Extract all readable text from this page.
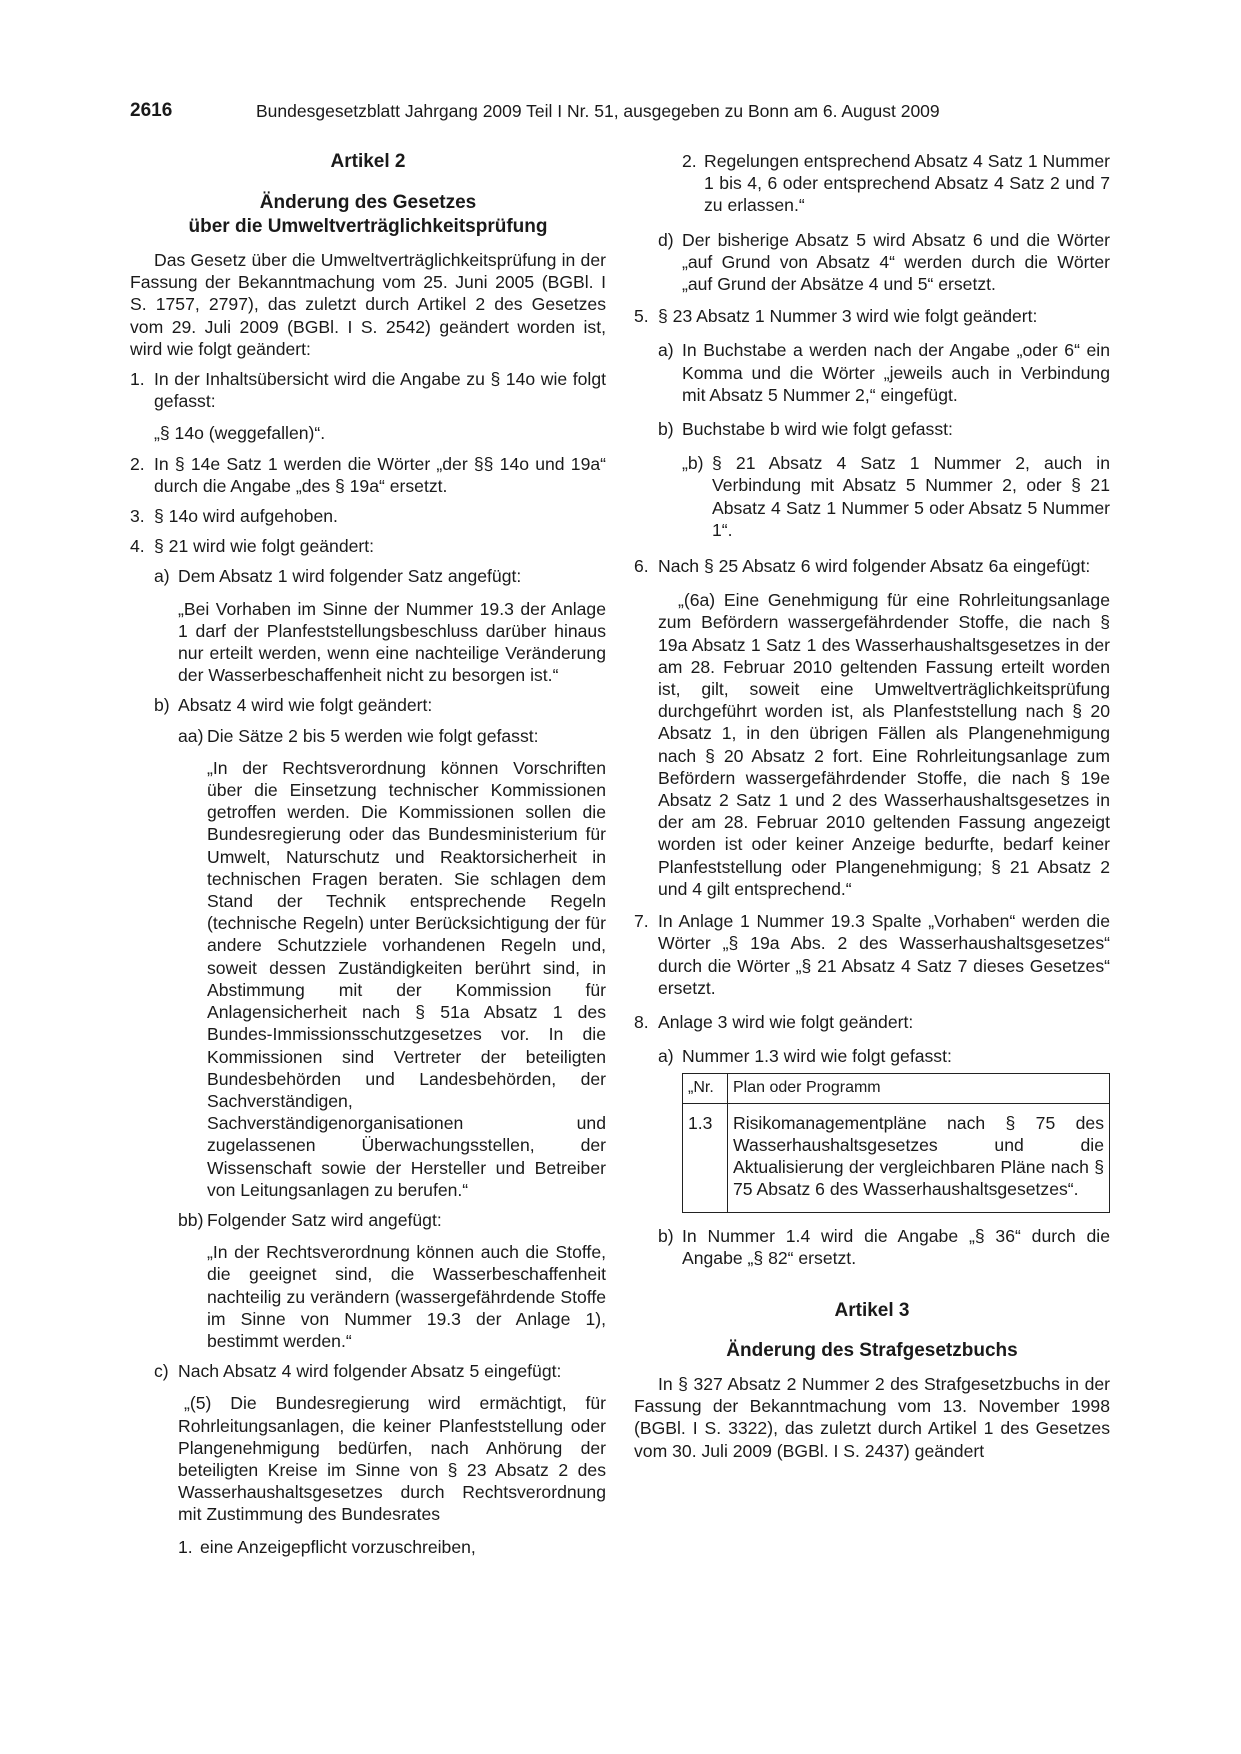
2616	Bundesgesetzblatt Jahrgang 2009 Teil I Nr. 51, ausgegeben zu Bonn am 6. August 2009

Artikel 2

Änderung des Gesetzes

über die Umweltverträglichkeitsprüfung

Das Gesetz über die Umweltverträglichkeitsprüfung in der Fassung der Bekanntmachung vom 25. Juni 2005 (BGBl. I S. 1757, 2797), das zuletzt durch Artikel 2 des Gesetzes vom 29. Juli 2009 (BGBl. I S. 2542) geändert worden ist, wird wie folgt geändert:

1. In der Inhaltsübersicht wird die Angabe zu § 14o wie folgt gefasst:

„§ 14o (weggefallen)“.

2. In § 14e Satz 1 werden die Wörter „der §§ 14o und 19a“ durch die Angabe „des § 19a“ ersetzt.

3. § 14o wird aufgehoben.

4. § 21 wird wie folgt geändert:

a) Dem Absatz 1 wird folgender Satz angefügt:

„Bei Vorhaben im Sinne der Nummer 19.3 der Anlage 1 darf der Planfeststellungsbeschluss darüber hinaus nur erteilt werden, wenn eine nachteilige Veränderung der Wasserbeschaffenheit nicht zu besorgen ist.“

b) Absatz 4 wird wie folgt geändert:

aa) Die Sätze 2 bis 5 werden wie folgt gefasst:

„In der Rechtsverordnung können Vorschriften über die Einsetzung technischer Kommissionen getroffen werden. Die Kommissionen sollen die Bundesregierung oder das Bundesministerium für Umwelt, Naturschutz und Reaktorsicherheit in technischen Fragen beraten. Sie schlagen dem Stand der Technik entsprechende Regeln (technische Regeln) unter Berücksichtigung der für andere Schutzziele vorhandenen Regeln und, soweit dessen Zuständigkeiten berührt sind, in Abstimmung mit der Kommission für Anlagensicherheit nach § 51a Absatz 1 des Bundes-Immissionsschutzgesetzes vor. In die Kommissionen sind Vertreter der beteiligten Bundesbehörden und Landesbehörden, der Sachverständigen, Sachverständigenorganisationen und zugelassenen Überwachungsstellen, der Wissenschaft sowie der Hersteller und Betreiber von Leitungsanlagen zu berufen.“

bb) Folgender Satz wird angefügt:

„In der Rechtsverordnung können auch die Stoffe, die geeignet sind, die Wasserbeschaffenheit nachteilig zu verändern (wassergefährdende Stoffe im Sinne von Nummer 19.3 der Anlage 1), bestimmt werden.“

c) Nach Absatz 4 wird folgender Absatz 5 eingefügt:

„(5) Die Bundesregierung wird ermächtigt, für Rohrleitungsanlagen, die keiner Planfeststellung oder Plangenehmigung bedürfen, nach Anhörung der beteiligten Kreise im Sinne von § 23 Absatz 2 des Wasserhaushaltsgesetzes durch Rechtsverordnung mit Zustimmung des Bundesrates

1. eine Anzeigepflicht vorzuschreiben,

2. Regelungen entsprechend Absatz 4 Satz 1 Nummer 1 bis 4, 6 oder entsprechend Absatz 4 Satz 2 und 7 zu erlassen.“

d) Der bisherige Absatz 5 wird Absatz 6 und die Wörter „auf Grund von Absatz 4“ werden durch die Wörter „auf Grund der Absätze 4 und 5“ ersetzt.

5. § 23 Absatz 1 Nummer 3 wird wie folgt geändert:

a) In Buchstabe a werden nach der Angabe „oder 6“ ein Komma und die Wörter „jeweils auch in Verbindung mit Absatz 5 Nummer 2,“ eingefügt.

b) Buchstabe b wird wie folgt gefasst:

„b) § 21 Absatz 4 Satz 1 Nummer 2, auch in Verbindung mit Absatz 5 Nummer 2, oder § 21 Absatz 4 Satz 1 Nummer 5 oder Absatz 5 Nummer 1“.

6. Nach § 25 Absatz 6 wird folgender Absatz 6a eingefügt:

„(6a) Eine Genehmigung für eine Rohrleitungsanlage zum Befördern wassergefährdender Stoffe, die nach § 19a Absatz 1 Satz 1 des Wasserhaushaltsgesetzes in der am 28. Februar 2010 geltenden Fassung erteilt worden ist, gilt, soweit eine Umweltverträglichkeitsprüfung durchgeführt worden ist, als Planfeststellung nach § 20 Absatz 1, in den übrigen Fällen als Plangenehmigung nach § 20 Absatz 2 fort. Eine Rohrleitungsanlage zum Befördern wassergefährdender Stoffe, die nach § 19e Absatz 2 Satz 1 und 2 des Wasserhaushaltsgesetzes in der am 28. Februar 2010 geltenden Fassung angezeigt worden ist oder keiner Anzeige bedurfte, bedarf keiner Planfeststellung oder Plangenehmigung; § 21 Absatz 2 und 4 gilt entsprechend.“

7. In Anlage 1 Nummer 19.3 Spalte „Vorhaben“ werden die Wörter „§ 19a Abs. 2 des Wasserhaushaltsgesetzes“ durch die Wörter „§ 21 Absatz 4 Satz 7 dieses Gesetzes“ ersetzt.

8. Anlage 3 wird wie folgt geändert:

a) Nummer 1.3 wird wie folgt gefasst:

„Nr.	Plan oder Programm
1.3	Risikomanagementpläne nach § 75 des Wasserhaushaltsgesetzes und die Aktualisierung der vergleichbaren Pläne nach § 75 Absatz 6 des Wasserhaushaltsgesetzes“.
b) In Nummer 1.4 wird die Angabe „§ 36“ durch die Angabe „§ 82“ ersetzt.

Artikel 3

Änderung des Strafgesetzbuchs

In § 327 Absatz 2 Nummer 2 des Strafgesetzbuchs in der Fassung der Bekanntmachung vom 13. November 1998 (BGBl. I S. 3322), das zuletzt durch Artikel 1 des Gesetzes vom 30. Juli 2009 (BGBl. I S. 2437) geändert
